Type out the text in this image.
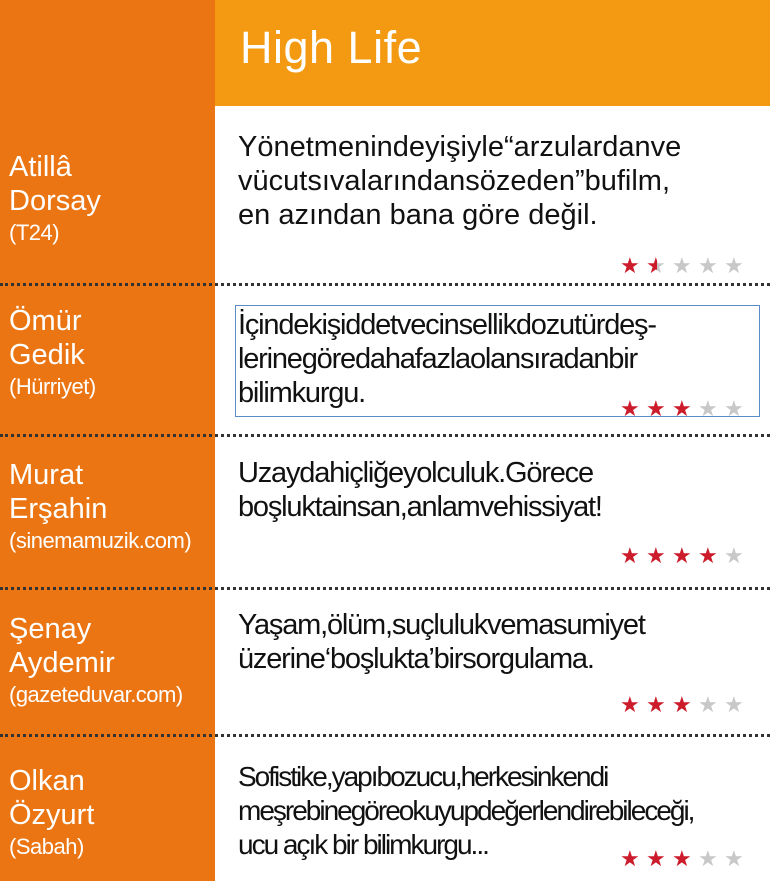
High Life
Atillâ
Dorsay
(T24)
Yönetmenindeyişiyle“arzulardanve
vücutsıvalarındansözeden”bufilm,
en azından bana göre değil.
★ ★ ★ ★ ★
Ömür
Gedik
(Hürriyet)
İçindekişiddetvecinsellikdozutürdeş-
lerinegöredahafazlaolansıradanbir
bilimkurgu.	★ ★ ★ ★ ★
Murat
Erşahin
(sinemamuzik.com)
Uzaydahiçliğeyolculuk.Görece
boşluktainsan,anlamvehissiyat!
★ ★ ★ ★ ★
Şenay
Aydemir
(gazeteduvar.com)
Yaşam,ölüm,suçlulukvemasumiyet
üzerine‘boşlukta’birsorgulama.
★ ★ ★ ★ ★
Olkan
Özyurt
(Sabah)
Sofistike,yapıbozucu,herkesinkendi
meşrebinegöreokuyupdeğerlendirebileceği,
ucu açık bir bilimkurgu...	★ ★ ★ ★ ★
